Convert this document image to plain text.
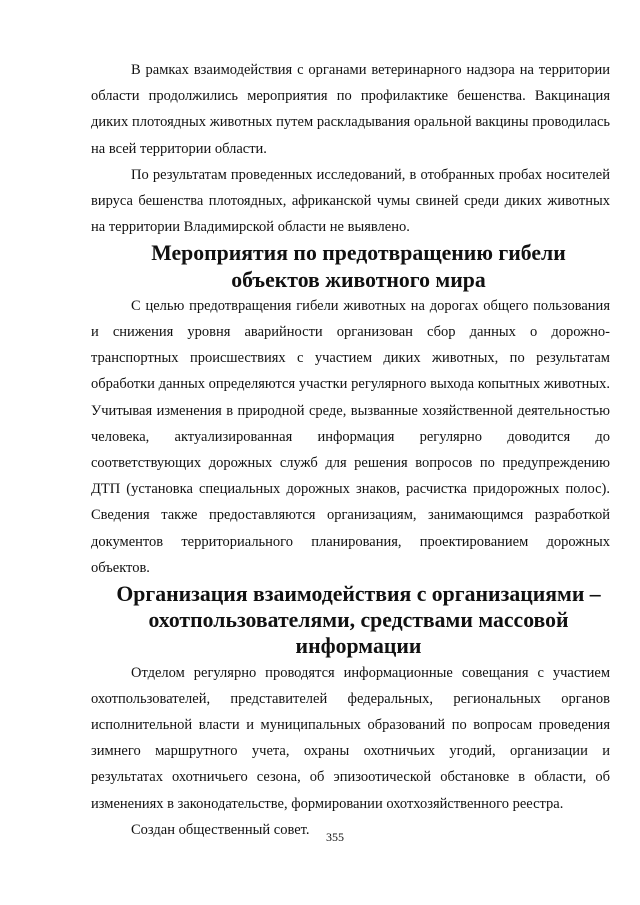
В рамках взаимодействия с органами ветеринарного надзора на территории области продолжились мероприятия по профилактике бешенства. Вакцинация диких плотоядных животных путем раскладывания оральной вакцины проводилась на всей территории области.

По результатам проведенных исследований, в отобранных пробах носителей вируса бешенства плотоядных, африканской чумы свиней среди диких животных на территории Владимирской области не выявлено.

Мероприятия по предотвращению гибели объектов животного мира

С целью предотвращения гибели животных на дорогах общего пользования и снижения уровня аварийности организован сбор данных о дорожно-транспортных происшествиях с участием диких животных, по результатам обработки данных определяются участки регулярного выхода копытных животных. Учитывая изменения в природной среде, вызванные хозяйственной деятельностью человека, актуализированная информация регулярно доводится до соответствующих дорожных служб для решения вопросов по предупреждению ДТП (установка специальных дорожных знаков, расчистка придорожных полос). Сведения также предоставляются организациям, занимающимся разработкой документов территориального планирования, проектированием дорожных объектов.

Организация взаимодействия с организациями –
охотпользователями, средствами массовой информации

Отделом регулярно проводятся информационные совещания с участием охотпользователей, представителей федеральных, региональных органов исполнительной власти и муниципальных образований по вопросам проведения зимнего маршрутного учета, охраны охотничьих угодий, организации и результатах охотничьего сезона, об эпизоотической обстановке в области, об изменениях в законодательстве, формировании охотхозяйственного реестра.

Создан общественный совет.	355
